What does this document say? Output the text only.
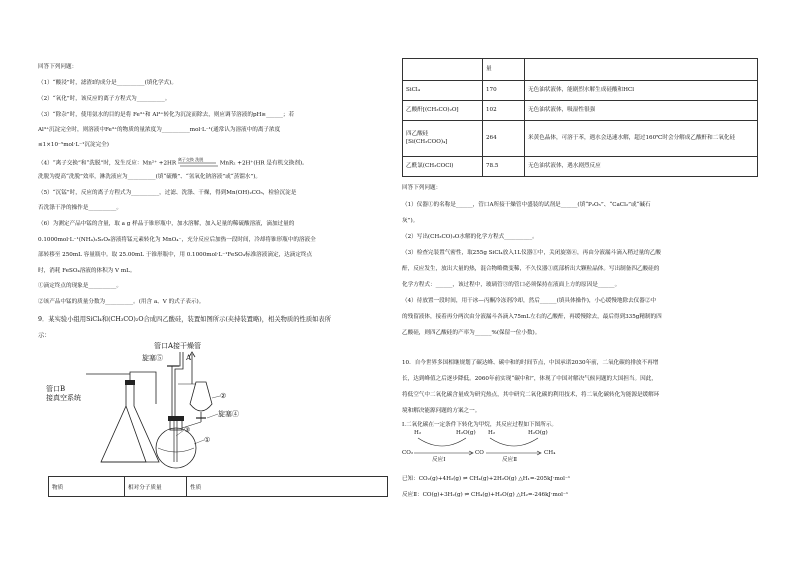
回答下列问题：
（1）“酸浸”时，滤渣I的成分是__________(填化学式)。
（2）“氧化”时，该反应的离子方程式为__________。
（3）“除杂”时，使用氨水的目的是将 Fe³⁺和 Al³⁺转化为沉淀而除去，则应调节溶液的pH≥______；若
Al³⁺沉淀完全时，则溶液中Fe³⁺的物质的量浓度为__________mol·L⁻¹(通常认为溶液中的离子浓度
≤1×10⁻⁵mol·L⁻¹沉淀完全)
（4）“离子交换”和“洗脱”时，发生反应：Mn²⁺ +2HR
离子交换 洗脱
MnR₂ +2H⁺(HR 是有机交换剂)。
洗脱为提高“洗脱”效率，淋洗液应为__________(填“硫酸”、“氢氧化钠溶液”或“蒸馏水”)。
（5）“沉锰”时，反应的离子方程式为__________，过滤、洗涤、干燥，得到Mn(OH)₂CO₃，检验沉淀是
否洗涤干净的操作是__________。
（6）为测定产品中锰的含量，取 a g 样品于锥形瓶中，加水溶解，加入足量的稀硫酸溶液，滴加过量的
0.1000mol·L⁻¹(NH₄)₂S₂O₈溶液将锰元素转化为 MnO₄⁻，充分反应后加热一段时间，冷却将锥形瓶中的溶液全
部转移至 250mL 容量瓶中。取 25.00mL 于锥形瓶中，用 0.1000mol·L⁻¹FeSO₄标准溶液滴定，达滴定终点
时，消耗 FeSO₄溶液的体积为 V mL。
①滴定终点的现象是__________。
②该产品中锰的质量分数为__________。(用含 a、V 的式子表示)。
9．某实验小组用SiCl₄和(CH₃CO)₂O合成四乙酸硅，装置如图所示(夹持装置略)，相关物质的性质如表所
示：
管口A接干燥管
旋塞⑤	A
管口B
接真空系统	②
旋塞④
③
①
物质	相对分子质量	性质
	量	
SiCl₄	170	无色油状液体，能剧烈水解生成硅酸和HCl
乙酸酐[(CH₃CO)₂O]	102	无色油状液体，吸湿性很强
四乙酸硅
[Si(CH₃COO)₄]	264	米黄色晶体，可溶于苯，遇水会迅速水解，超过160℃时会分解成乙酸酐和二氧化硅
乙酰氯(CH₃COCl)	78.5	无色油状液体，遇水剧烈反应
回答下列问题：
（1）仪器①的名称是______，管口A所接干燥管中盛装的试剂是______(填“P₂O₅”、“CaCl₂”或“碱石
灰”)。
（2）写出(CH₃CO)₂O水解的化学方程式__________。
（3）检查完装置气密性，取255g SiCl₄放入1L仪器①中，关闭旋塞⑥，再由分液漏斗滴入稍过量的乙酸
酐，反应发生，放出大量的热，混合物略微变稀，不久仪器①底部析出大颗粒晶体。写出制备四乙酸硅的
化学方程式：______，该过程中，玻璃管③的管口必须保持在液面上方的原因是______。
（4）待放置一段时间，用干冰—丙酮冷冻剂冷却，然后______(填具体操作)，小心缓慢地除去仪器②中
的残留液体，接着再分两次由分液漏斗各滴入75mL左右的乙酸酐，再缓慢除去，最后得到335g精制的四
乙酸硅，则四乙酸硅的产率为______%(保留一位小数)。
10．自今世界多国相继规划了碳达峰、碳中和的时间节点，中国承诺2030年前，二氧化碳的排放不再增
长，达到峰值之后逐步降低。2060年前实现“碳中和”，体现了中国对解决气候问题的大国担当。因此，
将低空气中二氧化碳含量成为研究热点，其中研究二氧化碳的利用技术，将二氧化碳转化为能源是缓解环
境和解决能源问题的方案之一。
Ⅰ.二氧化碳在一定条件下转化为甲烷，其反应过程如下图所示。
H₂	H₂O(g) H₂	H₂O(g)
CO₂	CO	CH₄
反应Ⅰ	反应Ⅱ
已知：CO₂(g)+4H₂(g) ⇌ CH₄(g)+2H₂O(g) △H₁=-205kJ·mol⁻¹
反应Ⅱ：CO(g)+3H₂(g) ⇌ CH₄(g)+H₂O(g) △H₂=-246kJ·mol⁻¹
